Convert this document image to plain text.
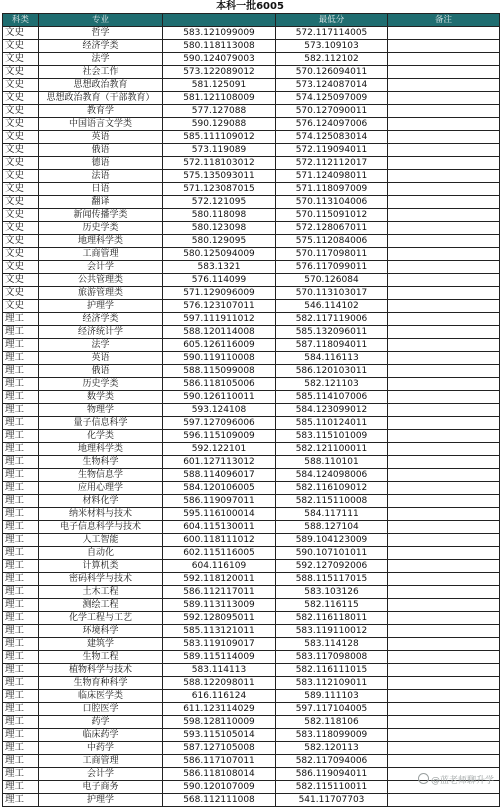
本科一批6005
科类	专业		最低分	备注
文史	哲学	583.121099009	572.117114005	
文史	经济学类	580.118113008	573.109103	
文史	法学	590.124079003	582.112102	
文史	社会工作	573.122089012	570.126094011	
文史	思想政治教育	581.125091	573.124087014	
文史	思想政治教育（干部教育）	581.121108009	574.125097009	
文史	教育学	577.127088	570.127090011	
文史	中国语言文学类	590.129088	576.124097006	
文史	英语	585.111109012	574.125083014	
文史	俄语	573.119089	572.119094011	
文史	德语	572.118103012	572.112112017	
文史	法语	575.135093011	571.124098011	
文史	日语	571.123087015	571.118097009	
文史	翻译	572.121095	570.113104006	
文史	新闻传播学类	580.118098	570.115091012	
文史	历史学类	580.123098	572.128067011	
文史	地理科学类	580.129095	575.112084006	
文史	工商管理	580.125094009	570.117098011	
文史	会计学	583.1321	576.117099011	
文史	公共管理类	576.114099	570.126084	
文史	旅游管理类	571.129096009	570.113103017	
文史	护理学	576.123107011	546.114102	
理工	经济学类	597.111911012	582.117119006	
理工	经济统计学	588.120114008	585.132096011	
理工	法学	605.126116009	587.118094011	
理工	英语	590.119110008	584.116113	
理工	俄语	588.115099008	586.120103011	
理工	历史学类	586.118105006	582.121103	
理工	数学类	590.126110011	585.114107006	
理工	物理学	593.124108	584.123099012	
理工	量子信息科学	597.127096006	585.110124011	
理工	化学类	596.115109009	583.115101009	
理工	地理科学类	592.122101	582.121100011	
理工	生物科学	601.127113012	588.110101	
理工	生物信息学	588.114096017	584.124098006	
理工	应用心理学	584.120106005	582.116109012	
理工	材料化学	586.119097011	582.115110008	
理工	纳米材料与技术	595.116100014	584.117111	
理工	电子信息科学与技术	604.115130011	588.127104	
理工	人工智能	600.118111012	589.104123009	
理工	自动化	602.115116005	590.107101011	
理工	计算机类	604.116109	592.127092006	
理工	密码科学与技术	592.118120011	588.115117015	
理工	土木工程	586.112117011	583.103126	
理工	测绘工程	589.113113009	582.116115	
理工	化学工程与工艺	592.128095011	582.116118011	
理工	环境科学	585.113121011	583.119110012	
理工	建筑学	583.119109017	583.114128	
理工	生物工程	589.115114009	583.117098008	
理工	植物科学与技术	583.114113	582.116111015	
理工	生物育种科学	588.122098011	583.112109011	
理工	临床医学类	616.116124	589.111103	
理工	口腔医学	611.123114029	597.117104005	
理工	药学	598.128110009	582.118106	
理工	临床药学	593.115105014	583.118099009	
理工	中药学	587.127105008	582.120113	
理工	工商管理	586.117107011	582.117094006	
理工	会计学	586.118108014	586.119094011	
理工	电子商务	590.120107009	582.115110011	
理工	护理学	568.112111008	541.11707703	
@蓝老师聊升学
